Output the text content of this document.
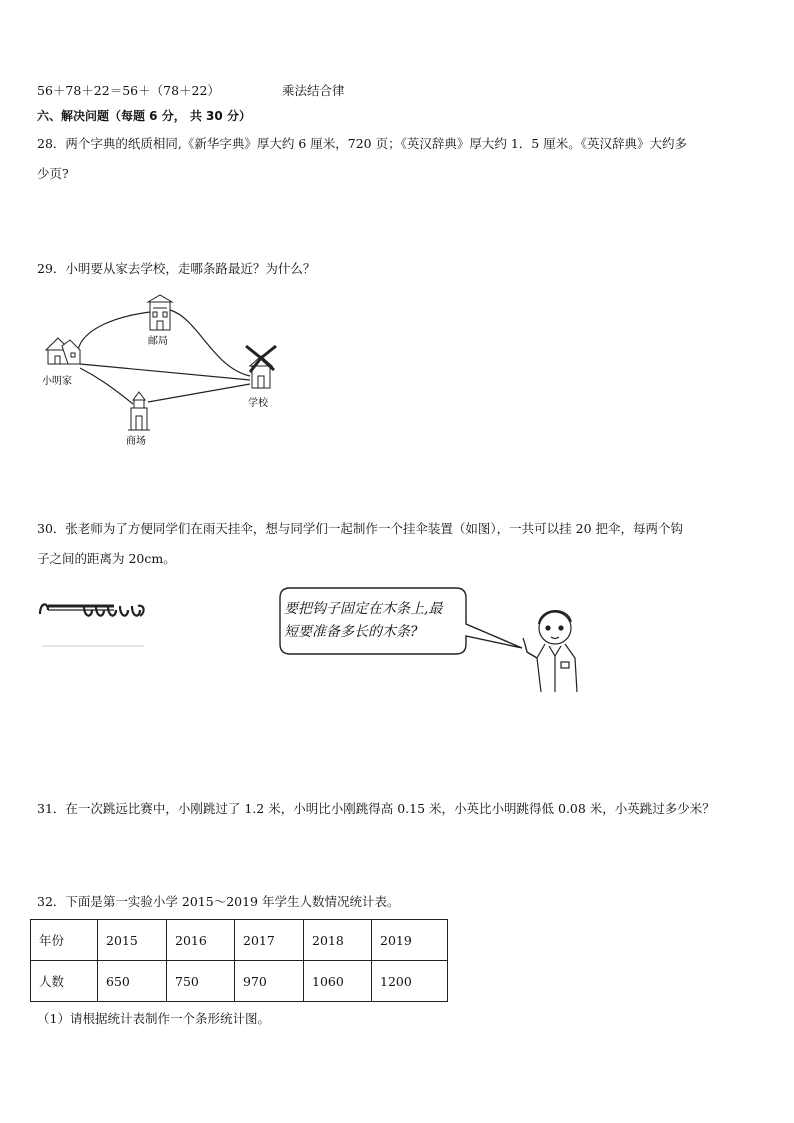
56＋78＋22＝56＋（78＋22）	乘法结合律
六、解决问题（每题 6 分， 共 30 分）
28．两个字典的纸质相同,《新华字典》厚大约 6 厘米，720 页；《英汉辞典》厚大约 1．5 厘米。《英汉辞典》大约多
少页?
29．小明要从家去学校，走哪条路最近？为什么？
小明家
邮局
学校
商场
30．张老师为了方便同学们在雨天挂伞，想与同学们一起制作一个挂伞装置（如图），一共可以挂 20 把伞，每两个钩
子之间的距离为 20cm。
要把钩子固定在木条上,最
短要准备多长的木条?
31．在一次跳远比赛中，小刚跳过了 1.2 米，小明比小刚跳得高 0.15 米，小英比小明跳得低 0.08 米，小英跳过多少米？
32．下面是第一实验小学 2015～2019 年学生人数情况统计表。
年份	2015	2016	2017	2018	2019
人数	650	750	970	1060	1200
（1）请根据统计表制作一个条形统计图。
